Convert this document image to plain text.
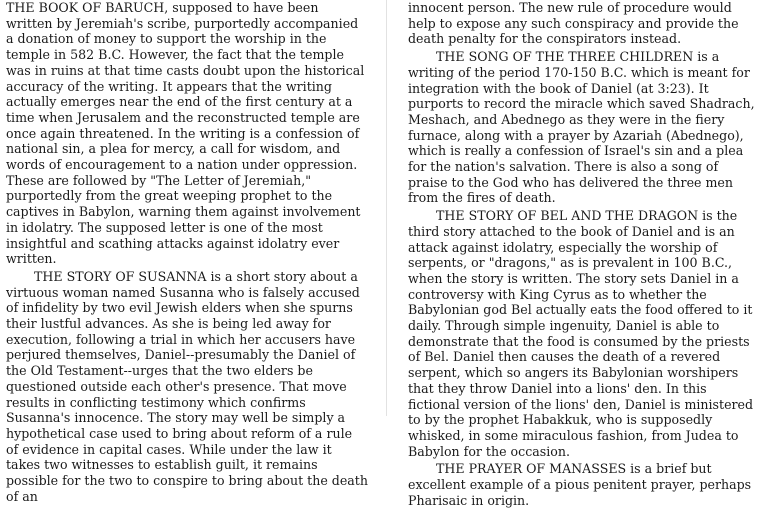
THE BOOK OF BARUCH, supposed to have been written by Jeremiah's scribe, purportedly accompanied a donation of money to support the worship in the temple in 582 B.C. However, the fact that the temple was in ruins at that time casts doubt upon the historical accuracy of the writing. It appears that the writing actually emerges near the end of the first century at a time when Jerusalem and the reconstructed temple are once again threatened. In the writing is a confession of national sin, a plea for mercy, a call for wisdom, and words of encouragement to a nation under oppression. These are followed by "The Letter of Jeremiah," purportedly from the great weeping prophet to the captives in Babylon, warning them against involvement in idolatry. The supposed letter is one of the most insightful and scathing attacks against idolatry ever written.

THE STORY OF SUSANNA is a short story about a virtuous woman named Susanna who is falsely accused of infidelity by two evil Jewish elders when she spurns their lustful advances. As she is being led away for execution, following a trial in which her accusers have perjured themselves, Daniel--presumably the Daniel of the Old Testament--urges that the two elders be questioned outside each other's presence. That move results in conflicting testimony which confirms Susanna's innocence. The story may well be simply a hypothetical case used to bring about reform of a rule of evidence in capital cases. While under the law it takes two witnesses to establish guilt, it remains possible for the two to conspire to bring about the death of an

innocent person. The new rule of procedure would help to expose any such conspiracy and provide the death penalty for the conspirators instead.

THE SONG OF THE THREE CHILDREN is a writing of the period 170-150 B.C. which is meant for integration with the book of Daniel (at 3:23). It purports to record the miracle which saved Shadrach, Meshach, and Abednego as they were in the fiery furnace, along with a prayer by Azariah (Abednego), which is really a confession of Israel's sin and a plea for the nation's salvation. There is also a song of praise to the God who has delivered the three men from the fires of death.

THE STORY OF BEL AND THE DRAGON is the third story attached to the book of Daniel and is an attack against idolatry, especially the worship of serpents, or "dragons," as is prevalent in 100 B.C., when the story is written. The story sets Daniel in a controversy with King Cyrus as to whether the Babylonian god Bel actually eats the food offered to it daily. Through simple ingenuity, Daniel is able to demonstrate that the food is consumed by the priests of Bel. Daniel then causes the death of a revered serpent, which so angers its Babylonian worshipers that they throw Daniel into a lions' den. In this fictional version of the lions' den, Daniel is ministered to by the prophet Habakkuk, who is supposedly whisked, in some miraculous fashion, from Judea to Babylon for the occasion.

THE PRAYER OF MANASSES is a brief but excellent example of a pious penitent prayer, perhaps Pharisaic in origin.
